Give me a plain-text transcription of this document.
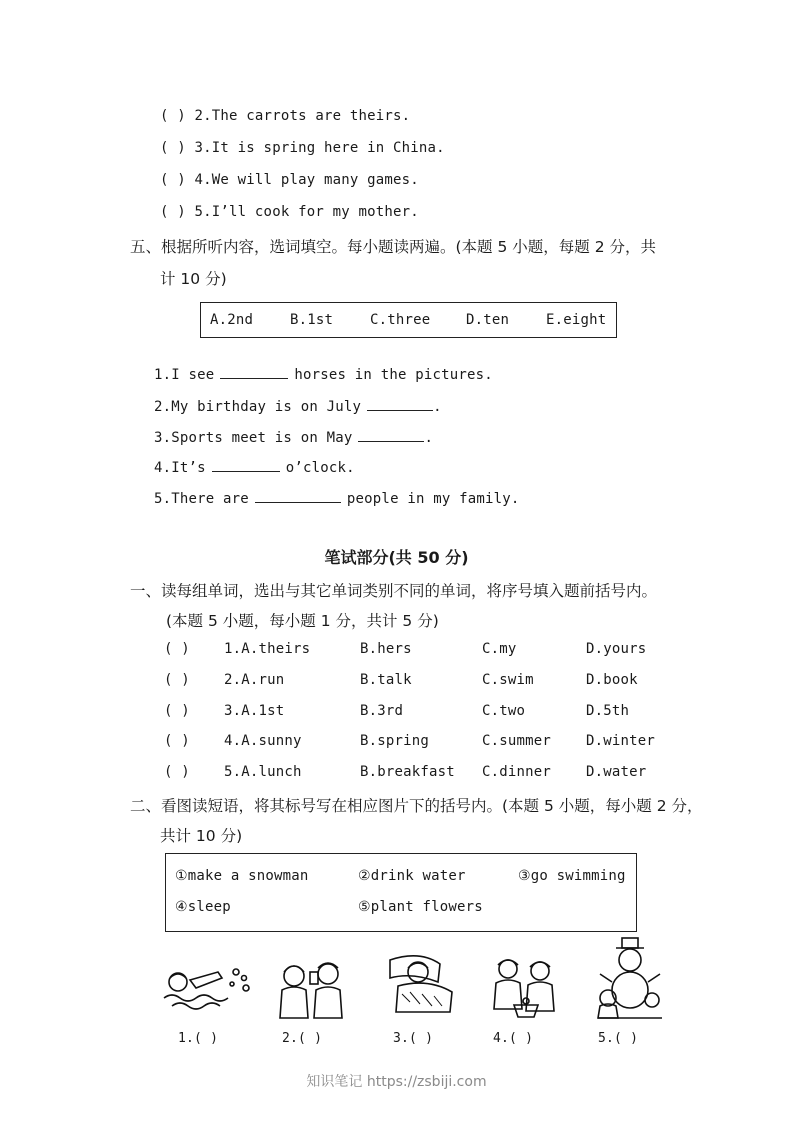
( ) 2.The carrots are theirs.
( ) 3.It is spring here in China.
( ) 4.We will play many games.
( ) 5.I’ll cook for my mother.
五、根据所听内容，选词填空。每小题读两遍。(本题 5 小题，每题 2 分，共
计 10 分)
A.2nd	B.1st	C.three	D.ten	E.eight
1.I see	horses in the pictures.
2.My birthday is on July	.
3.Sports meet is on May	.
4.It’s	o’clock.
5.There are	people in my family.
笔试部分(共 50 分)
一、读每组单词，选出与其它单词类别不同的单词，将序号填入题前括号内。
(本题 5 小题，每小题 1 分，共计 5 分)
( ) 1.A.theirs	B.hers	C.my	D.yours
( ) 2.A.run	B.talk	C.swim	D.book
( ) 3.A.1st	B.3rd	C.two	D.5th
( ) 4.A.sunny	B.spring	C.summer D.winter
( ) 5.A.lunch	B.breakfast C.dinner D.water
二、看图读短语，将其标号写在相应图片下的括号内。(本题 5 小题，每小题 2 分，
共计 10 分)
①make a snowman	②drink water	③go swimming
④sleep	⑤plant flowers
1.( )	2.( )	3.( )	4.( )	5.( )
知识笔记 https://zsbiji.com
